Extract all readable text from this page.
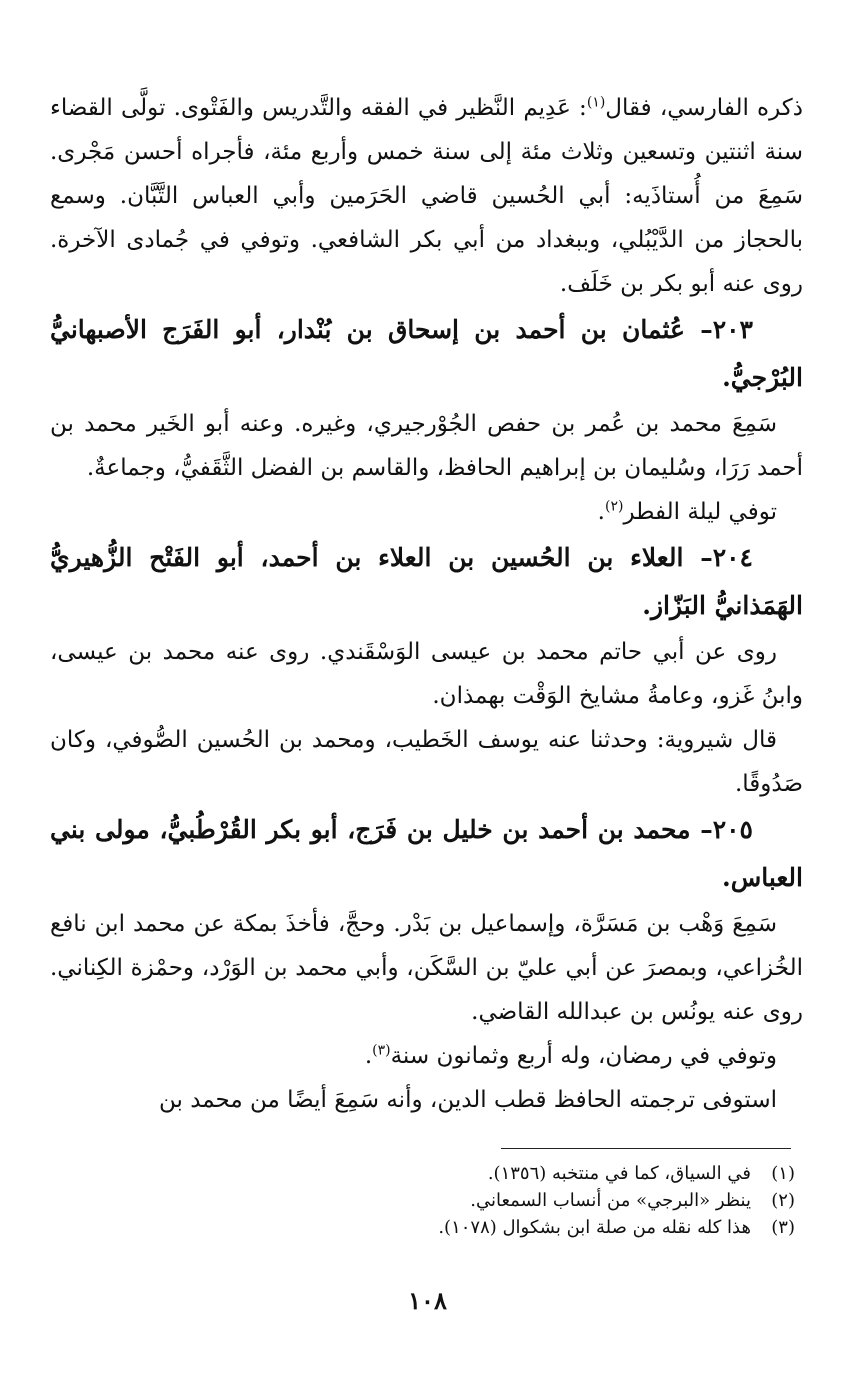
ذكره الفارسي، فقال$^{(١)}$: عَدِيم النَّظير في الفقه والتَّدريس والفَتْوى. تولَّى القضاء سنة اثنتين وتسعين وثلاث مئة إلى سنة خمس وأربع مئة، فأجراه أحسن مَجْرى. سَمِعَ من أُستاذَيه: أبي الحُسين قاضي الحَرَمين وأبي العباس التَّبَّان. وسمع بالحجاز من الدَّيْبُلي، وببغداد من أبي بكر الشافعي. وتوفي في جُمادى الآخرة. روى عنه أبو بكر بن خَلَف.

٢٠٣– عُثمان بن أحمد بن إسحاق بن بُنْدار، أبو الفَرَج الأصبهانيُّ البُرْجيُّ.

سَمِعَ محمد بن عُمر بن حفص الجُوْرجيري، وغيره. وعنه أبو الخَير محمد بن أحمد رَرَا، وسُليمان بن إبراهيم الحافظ، والقاسم بن الفضل الثَّقَفيُّ، وجماعةٌ.

توفي ليلة الفطر$^{(٢)}$.

٢٠٤– العلاء بن الحُسين بن العلاء بن أحمد، أبو الفَتْح الزُّهيريُّ الهَمَذانيُّ البَزّاز.

روى عن أبي حاتم محمد بن عيسى الوَسْقَندي. روى عنه محمد بن عيسى، وابنُ غَزو، وعامةُ مشايخ الوَقْت بهمذان.

قال شيروية: وحدثنا عنه يوسف الخَطيب، ومحمد بن الحُسين الصُّوفي، وكان صَدُوقًا.

٢٠٥– محمد بن أحمد بن خليل بن فَرَج، أبو بكر القُرْطُبيُّ، مولى بني العباس.

سَمِعَ وَهْب بن مَسَرَّة، وإسماعيل بن بَدْر. وحجَّ، فأخذَ بمكة عن محمد ابن نافع الخُزاعي، وبمصرَ عن أبي عليّ بن السَّكَن، وأبي محمد بن الوَرْد، وحمْزة الكِناني. روى عنه يونُس بن عبدالله القاضي.

وتوفي في رمضان، وله أربع وثمانون سنة$^{(٣)}$.

استوفى ترجمته الحافظ قطب الدين، وأنه سَمِعَ أيضًا من محمد بن

(١)
في السياق، كما في منتخبه (١٣٥٦).
(٢)
ينظر «البرجي» من أنساب السمعاني.
(٣)
هذا كله نقله من صلة ابن بشكوال (١٠٧٨).
١٠٨
